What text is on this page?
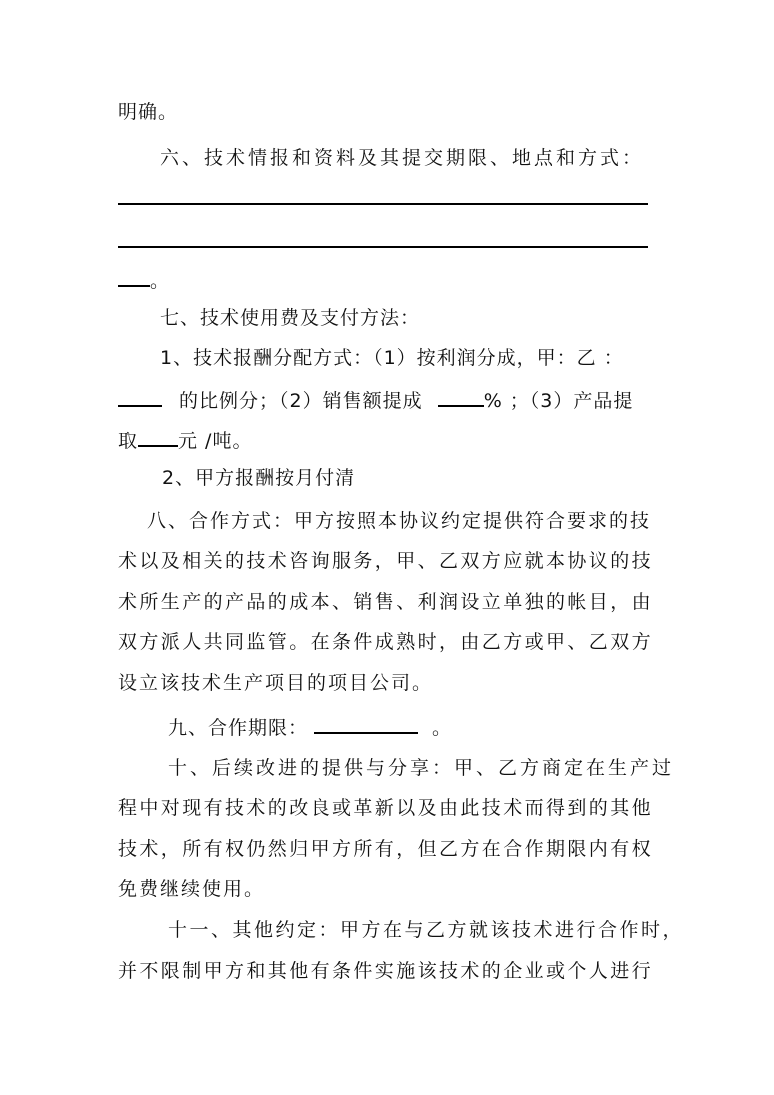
明确。
六、技术情报和资料及其提交期限、地点和方式：
。
七、技术使用费及支付方法：
1、技术报酬分配方式：（1）按利润分成，甲：乙 ：
的比例分；（2）销售额提成	% ；（3）产品提
取 元 /吨。
2、甲方报酬按月付清
八、合作方式：甲方按照本协议约定提供符合要求的技
术以及相关的技术咨询服务，甲、乙双方应就本协议的技
术所生产的产品的成本、销售、利润设立单独的帐目，由
双方派人共同监管。在条件成熟时，由乙方或甲、乙双方
设立该技术生产项目的项目公司。
九、合作期限：	。
十、后续改进的提供与分享：甲、乙方商定在生产过
程中对现有技术的改良或革新以及由此技术而得到的其他
技术，所有权仍然归甲方所有，但乙方在合作期限内有权
免费继续使用。
十一、其他约定：甲方在与乙方就该技术进行合作时，
并不限制甲方和其他有条件实施该技术的企业或个人进行
